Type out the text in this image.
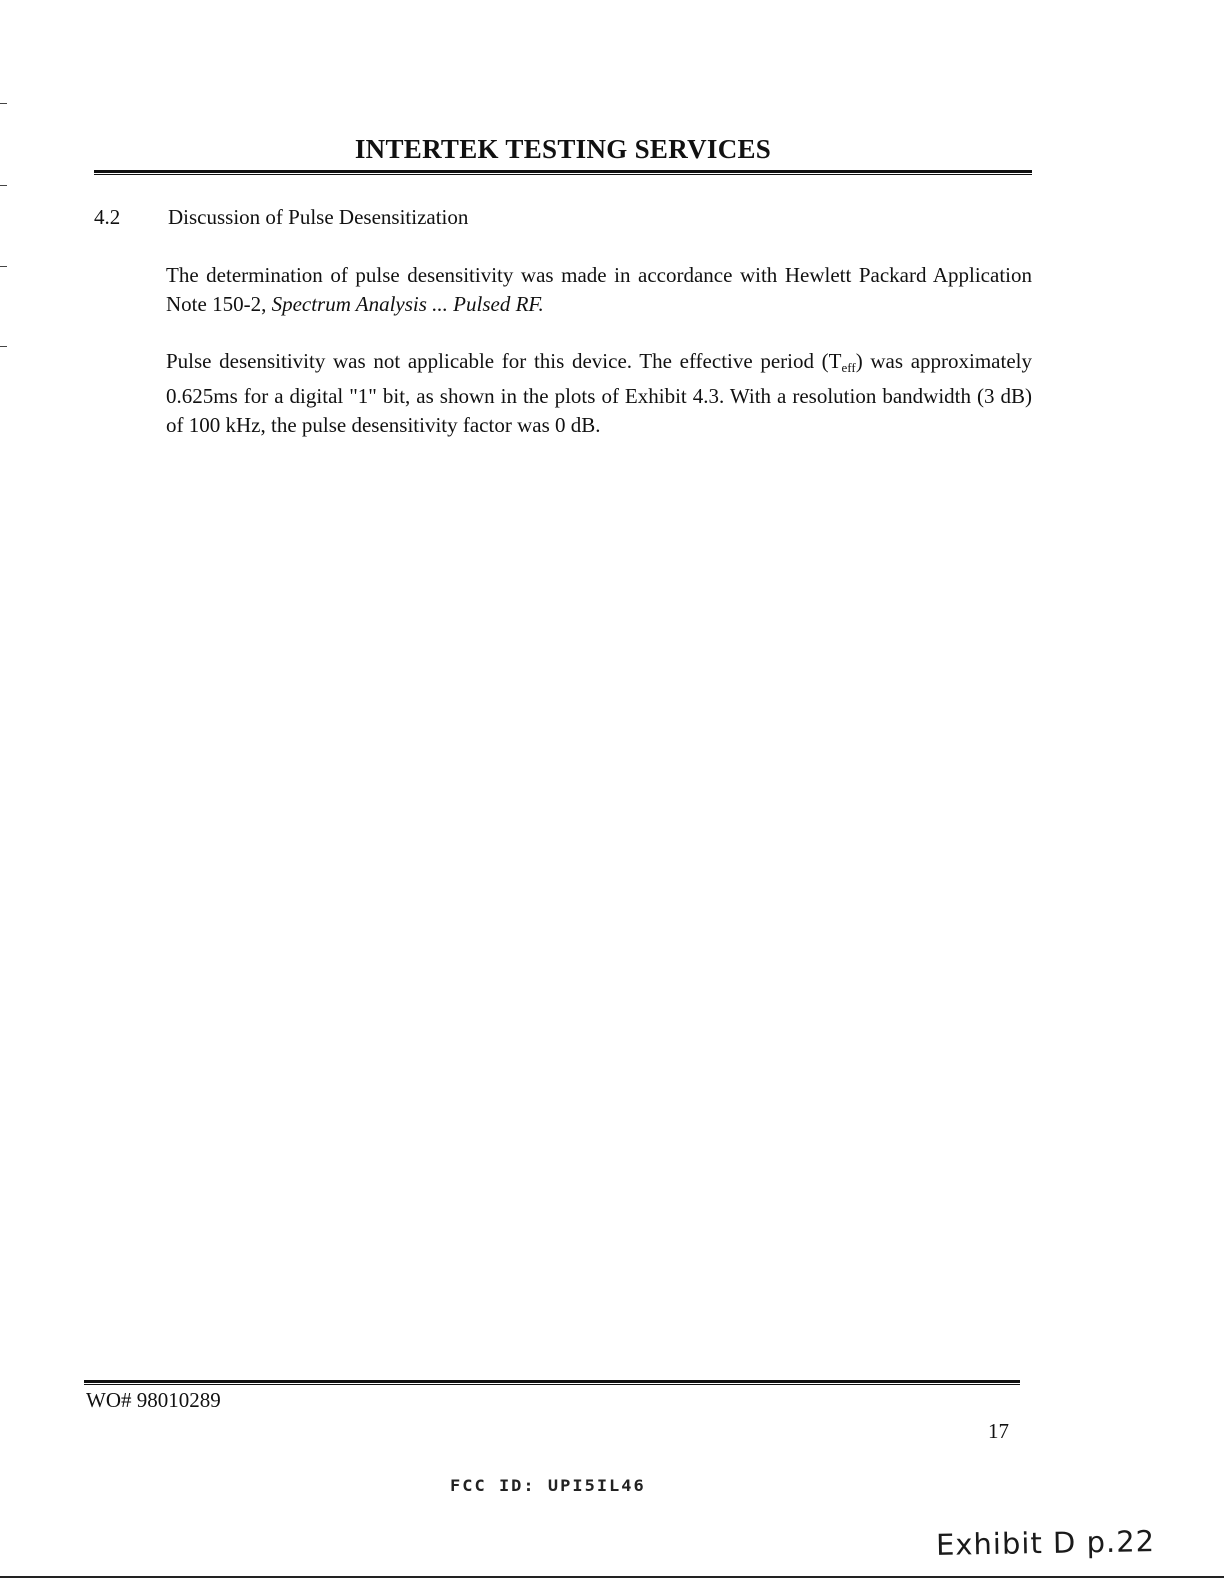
INTERTEK TESTING SERVICES
4.2 Discussion of Pulse Desensitization
The determination of pulse desensitivity was made in accordance with Hewlett Packard Application Note 150-2, Spectrum Analysis ... Pulsed RF.
Pulse desensitivity was not applicable for this device. The effective period $(T_{eff})$ was approximately 0.625ms for a digital "1" bit, as shown in the plots of Exhibit 4.3. With a resolution bandwidth (3 dB) of 100 kHz, the pulse desensitivity factor was 0 dB.
WO# 98010289
17
FCC ID: UPI5IL46
Exhibit D p.22
